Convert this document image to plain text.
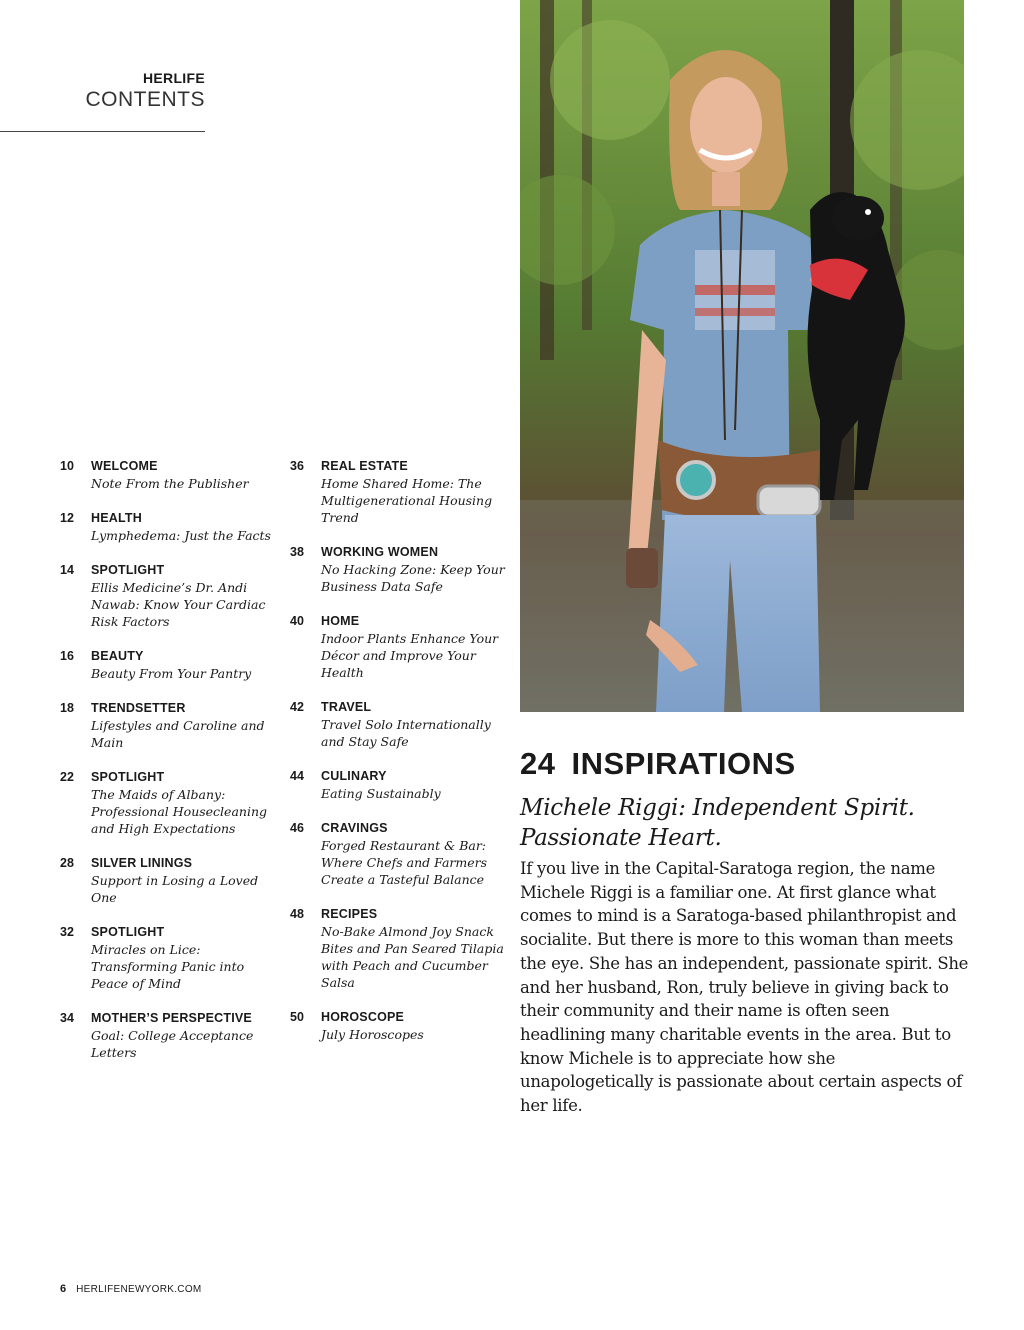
HERLIFE
CONTENTS
10	WELCOME
Note From the Publisher
12	HEALTH
Lymphedema: Just the Facts
14	SPOTLIGHT
Ellis Medicine’s Dr. Andi Nawab: Know Your Cardiac Risk Factors
16	BEAUTY
Beauty From Your Pantry
18	TRENDSETTER
Lifestyles and Caroline and Main
22	SPOTLIGHT
The Maids of Albany: Professional Housecleaning and High Expectations
28	SILVER LININGS
Support in Losing a Loved One
32	SPOTLIGHT
Miracles on Lice: Transforming Panic into Peace of Mind
34	MOTHER’S PERSPECTIVE
Goal: College Acceptance Letters
36	REAL ESTATE
Home Shared Home: The Multigenerational Housing Trend
38	WORKING WOMEN
No Hacking Zone: Keep Your Business Data Safe
40	HOME
Indoor Plants Enhance Your Décor and Improve Your Health
42	TRAVEL
Travel Solo Internationally and Stay Safe
44	CULINARY
Eating Sustainably
46	CRAVINGS
Forged Restaurant & Bar: Where Chefs and Farmers Create a Tasteful Balance
48	RECIPES
No-Bake Almond Joy Snack Bites and Pan Seared Tilapia with Peach and Cucumber Salsa
50	HOROSCOPE
July Horoscopes
24 INSPIRATIONS
Michele Riggi: Independent Spirit. Passionate Heart.
If you live in the Capital-Saratoga region, the name Michele Riggi is a familiar one. At first glance what comes to mind is a Saratoga-based philanthropist and socialite. But there is more to this woman than meets the eye. She has an independent, passionate spirit. She and her husband, Ron, truly believe in giving back to their community and their name is often seen headlining many charitable events in the area. But to know Michele is to appreciate how she unapologetically is passionate about certain aspects of her life.
6 HERLIFENEWYORK.COM
